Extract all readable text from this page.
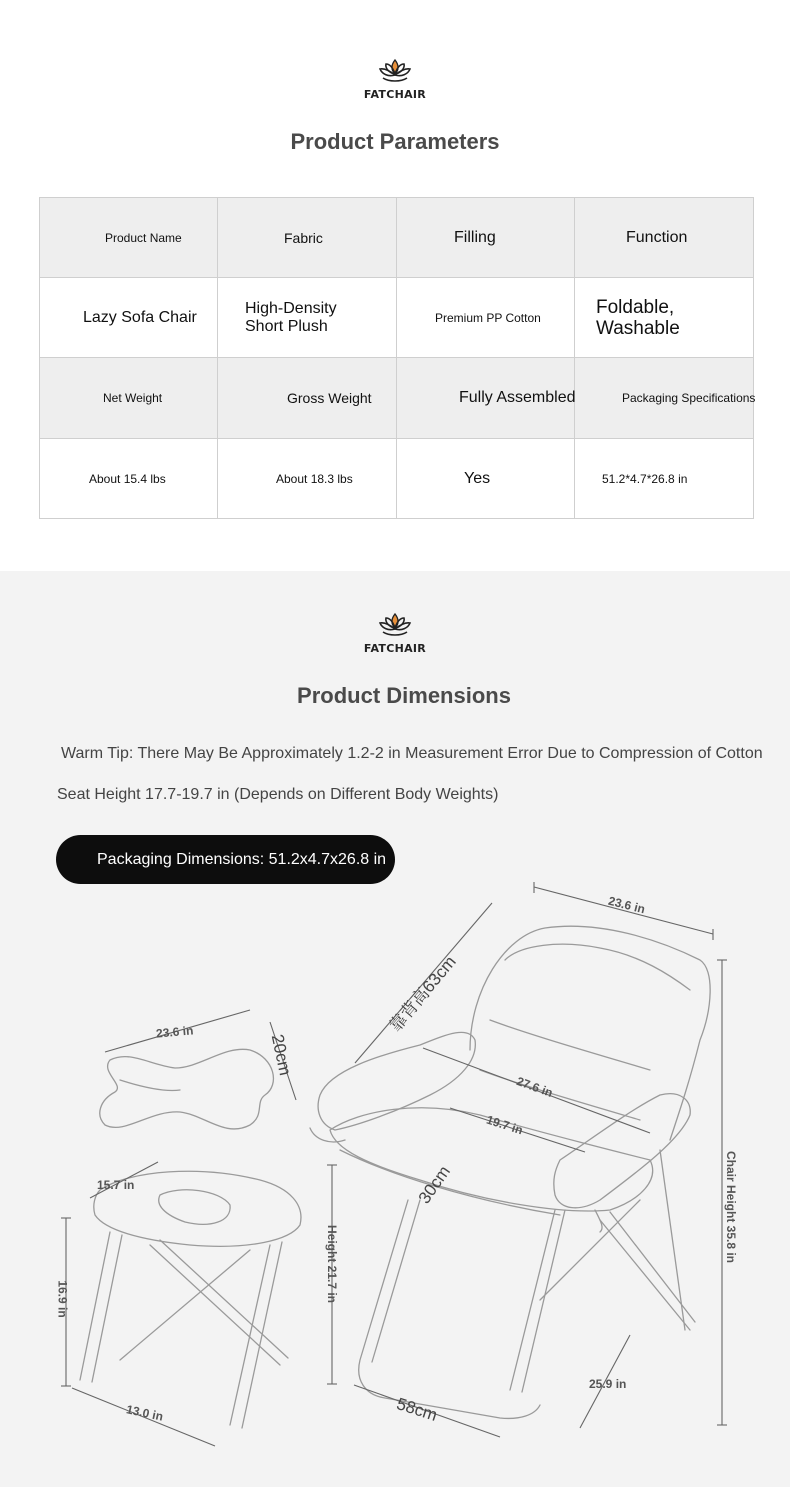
FATCHAIR
Product Parameters
Product Name	Fabric	Filling	Function

Lazy Sofa Chair	High-Density Short Plush	Premium PP Cotton	Foldable, Washable

Net Weight	Gross Weight	Fully Assembled	Packaging Specifications

About 15.4 lbs	About 18.3 lbs	Yes	51.2*4.7*26.8 in
FATCHAIR
Product Dimensions
Warm Tip: There May Be Approximately 1.2-2 in Measurement Error Due to Compression of Cotton
Seat Height 17.7-19.7 in (Depends on Different Body Weights)
Packaging Dimensions: 51.2x4.7x26.8 in
23.6 in
靠背高63cm
27.6 in
19.7 in
30cm	Chair Height 35.8 in
Height 21.7 in
25.9 in
58cm
23.6 in
20cm
15.7 in
16.9 in
13.0 in
